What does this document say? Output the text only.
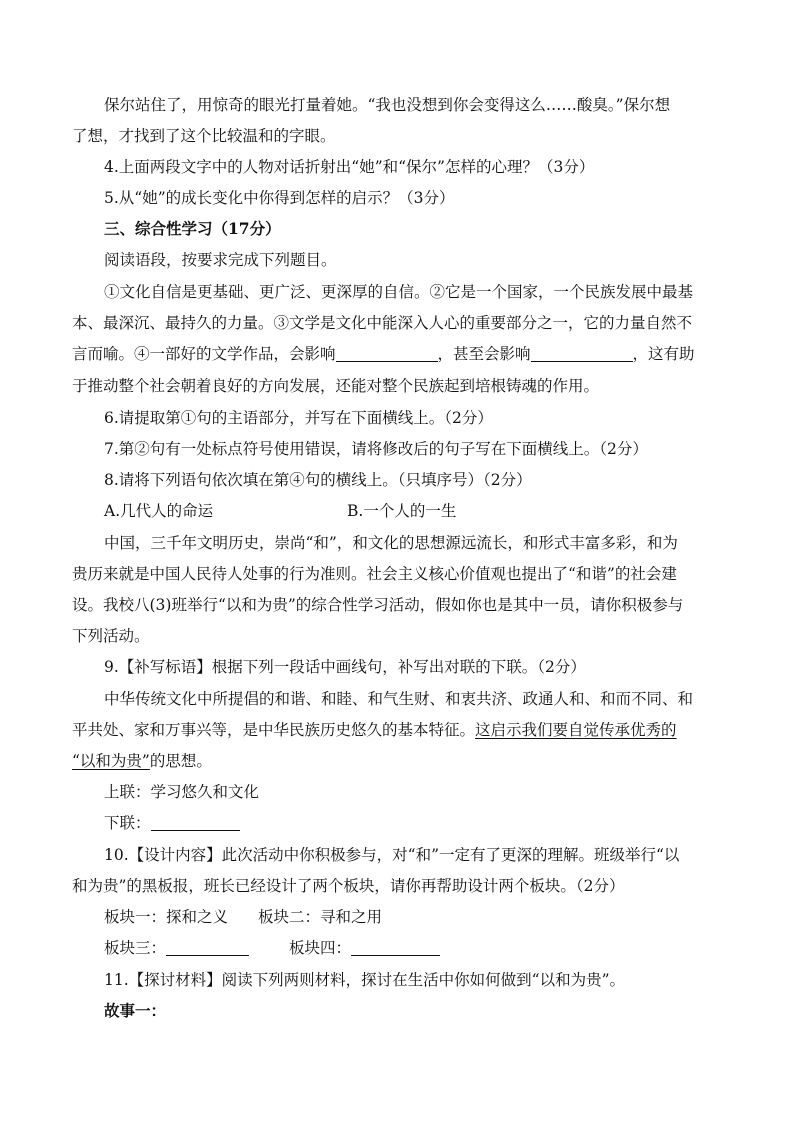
保尔站住了，用惊奇的眼光打量着她。“我也没想到你会变得这么……酸臭。”保尔想
了想，才找到了这个比较温和的字眼。
4.上面两段文字中的人物对话折射出“她”和“保尔”怎样的心理？（3分）
5.从“她”的成长变化中你得到怎样的启示？（3分）
三、综合性学习（17分）
阅读语段，按要求完成下列题目。
①文化自信是更基础、更广泛、更深厚的自信。②它是一个国家，一个民族发展中最基
本、最深沉、最持久的力量。③文学是文化中能深入人心的重要部分之一，它的力量自然不
言而喻。④一部好的文学作品，会影响	，甚至会影响	，这有助
于推动整个社会朝着良好的方向发展，还能对整个民族起到培根铸魂的作用。
6.请提取第①句的主语部分，并写在下面横线上。（2分）
7.第②句有一处标点符号使用错误，请将修改后的句子写在下面横线上。（2分）
8.请将下列语句依次填在第④句的横线上。（只填序号）（2分）
A.几代人的命运	B.一个人的一生
中国，三千年文明历史，崇尚“和”，和文化的思想源远流长，和形式丰富多彩，和为
贵历来就是中国人民待人处事的行为准则。社会主义核心价值观也提出了“和谐”的社会建
设。我校八(3)班举行“以和为贵”的综合性学习活动，假如你也是其中一员，请你积极参与
下列活动。
9.【补写标语】根据下列一段话中画线句，补写出对联的下联。（2分）
中华传统文化中所提倡的和谐、和睦、和气生财、和衷共济、政通人和、和而不同、和
平共处、家和万事兴等，是中华民族历史悠久的基本特征。这启示我们要自觉传承优秀的
“以和为贵”的思想。
上联：学习悠久和文化
下联：
10.【设计内容】此次活动中你积极参与，对“和”一定有了更深的理解。班级举行“以
和为贵”的黑板报，班长已经设计了两个板块，请你再帮助设计两个板块。（2分）
板块一：探和之义 板块二：寻和之用
板块三：	板块四：
11.【探讨材料】阅读下列两则材料，探讨在生活中你如何做到“以和为贵”。
故事一：
